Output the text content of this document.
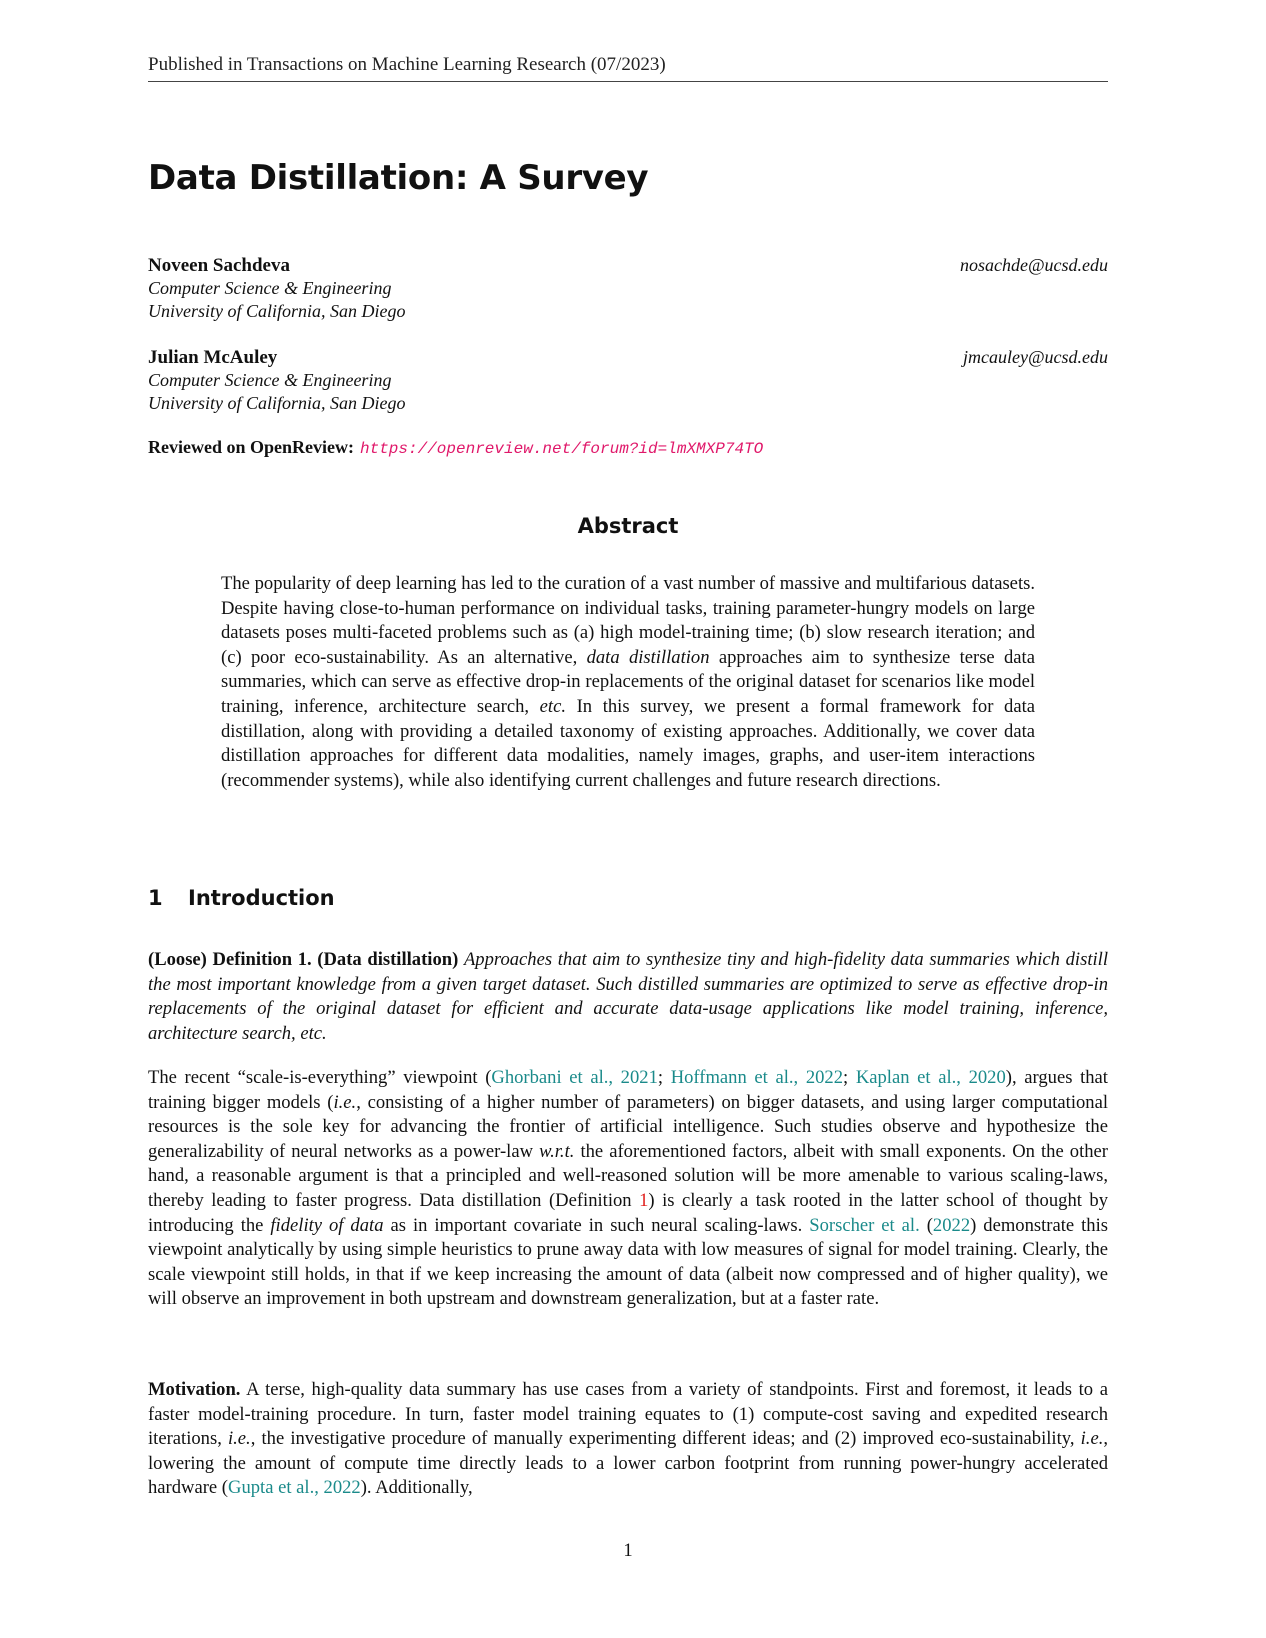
Published in Transactions on Machine Learning Research (07/2023)
Data Distillation: A Survey
Noveen Sachdeva
Computer Science & Engineering
University of California, San Diego
nosachde@ucsd.edu
Julian McAuley
Computer Science & Engineering
University of California, San Diego
jmcauley@ucsd.edu
Reviewed on OpenReview: https://openreview.net/forum?id=lmXMXP74TO
Abstract

The popularity of deep learning has led to the curation of a vast number of massive and multifarious datasets. Despite having close-to-human performance on individual tasks, training parameter-hungry models on large datasets poses multi-faceted problems such as (a) high model-training time; (b) slow research iteration; and (c) poor eco-sustainability. As an alternative, data distillation approaches aim to synthesize terse data summaries, which can serve as effective drop-in replacements of the original dataset for scenarios like model training, inference, architecture search, etc. In this survey, we present a formal framework for data distillation, along with providing a detailed taxonomy of existing approaches. Additionally, we cover data distillation approaches for different data modalities, namely images, graphs, and user-item interactions (recommender systems), while also identifying current challenges and future research directions.

1 Introduction

(Loose) Definition 1. (Data distillation) Approaches that aim to synthesize tiny and high-fidelity data summaries which distill the most important knowledge from a given target dataset. Such distilled summaries are optimized to serve as effective drop-in replacements of the original dataset for efficient and accurate data-usage applications like model training, inference, architecture search, etc.

The recent “scale-is-everything” viewpoint (Ghorbani et al., 2021; Hoffmann et al., 2022; Kaplan et al., 2020), argues that training bigger models (i.e., consisting of a higher number of parameters) on bigger datasets, and using larger computational resources is the sole key for advancing the frontier of artificial intelligence. Such studies observe and hypothesize the generalizability of neural networks as a power-law w.r.t. the aforementioned factors, albeit with small exponents. On the other hand, a reasonable argument is that a principled and well-reasoned solution will be more amenable to various scaling-laws, thereby leading to faster progress. Data distillation (Definition 1) is clearly a task rooted in the latter school of thought by introducing the fidelity of data as in important covariate in such neural scaling-laws. Sorscher et al. (2022) demonstrate this viewpoint analytically by using simple heuristics to prune away data with low measures of signal for model training. Clearly, the scale viewpoint still holds, in that if we keep increasing the amount of data (albeit now compressed and of higher quality), we will observe an improvement in both upstream and downstream generalization, but at a faster rate.

Motivation. A terse, high-quality data summary has use cases from a variety of standpoints. First and foremost, it leads to a faster model-training procedure. In turn, faster model training equates to (1) compute-cost saving and expedited research iterations, i.e., the investigative procedure of manually experimenting different ideas; and (2) improved eco-sustainability, i.e., lowering the amount of compute time directly leads to a lower carbon footprint from running power-hungry accelerated hardware (Gupta et al., 2022). Additionally,

1
